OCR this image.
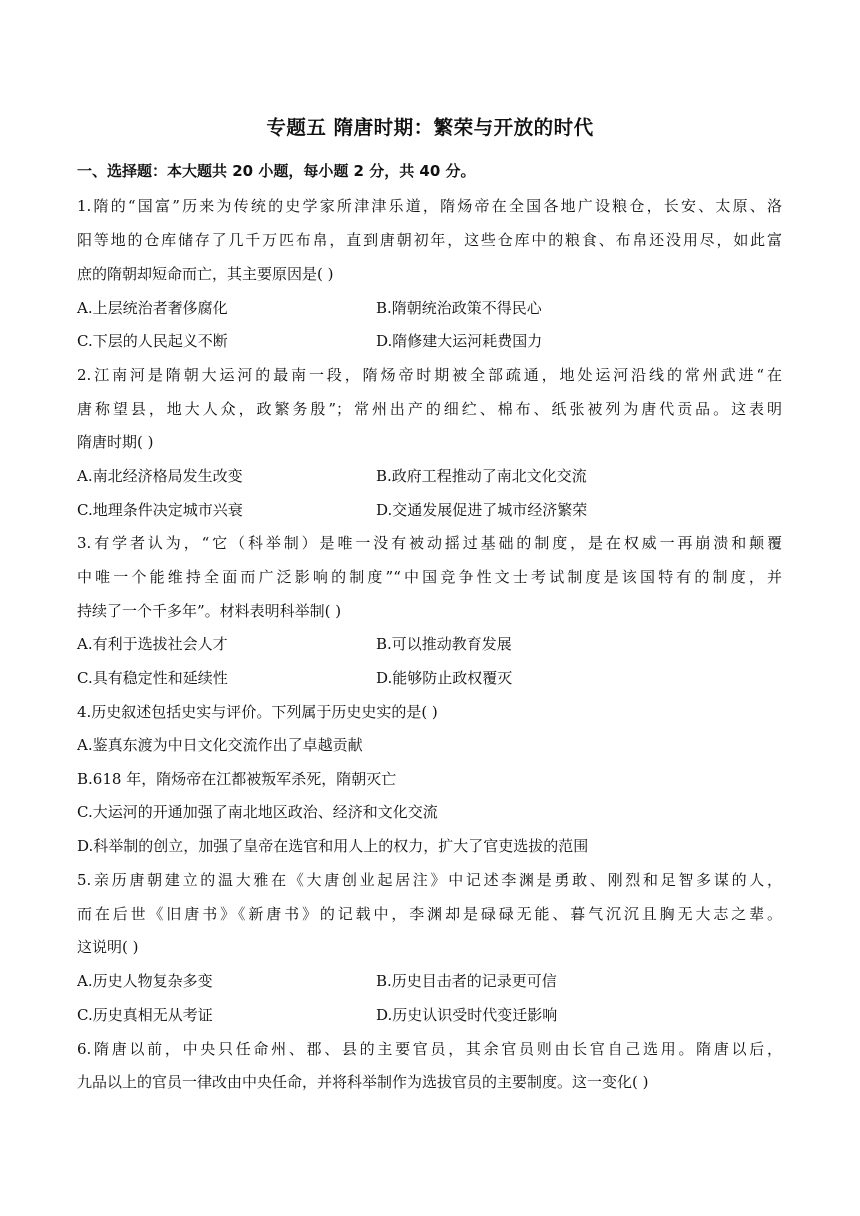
专题五 隋唐时期：繁荣与开放的时代
一、选择题：本大题共 20 小题，每小题 2 分，共 40 分。
1.隋的“国富”历来为传统的史学家所津津乐道，隋炀帝在全国各地广设粮仓，长安、太原、洛
阳等地的仓库储存了几千万匹布帛，直到唐朝初年，这些仓库中的粮食、布帛还没用尽，如此富
庶的隋朝却短命而亡，其主要原因是( )
A.上层统治者奢侈腐化	B.隋朝统治政策不得民心
C.下层的人民起义不断	D.隋修建大运河耗费国力
2.江南河是隋朝大运河的最南一段，隋炀帝时期被全部疏通，地处运河沿线的常州武进“在
唐称望县，地大人众，政繁务殷”；常州出产的细纻、棉布、纸张被列为唐代贡品。这表明
隋唐时期( )
A.南北经济格局发生改变	B.政府工程推动了南北文化交流
C.地理条件决定城市兴衰	D.交通发展促进了城市经济繁荣
3.有学者认为，“它（科举制）是唯一没有被动摇过基础的制度，是在权威一再崩溃和颠覆
中唯一个能维持全面而广泛影响的制度”“中国竞争性文士考试制度是该国特有的制度，并
持续了一个千多年”。材料表明科举制( )
A.有利于选拔社会人才	B.可以推动教育发展
C.具有稳定性和延续性	D.能够防止政权覆灭
4.历史叙述包括史实与评价。下列属于历史史实的是( )
A.鉴真东渡为中日文化交流作出了卓越贡献
B.618 年，隋炀帝在江都被叛军杀死，隋朝灭亡
C.大运河的开通加强了南北地区政治、经济和文化交流
D.科举制的创立，加强了皇帝在选官和用人上的权力，扩大了官吏选拔的范围
5.亲历唐朝建立的温大雅在《大唐创业起居注》中记述李渊是勇敢、刚烈和足智多谋的人，
而在后世《旧唐书》《新唐书》的记载中，李渊却是碌碌无能、暮气沉沉且胸无大志之辈。
这说明( )
A.历史人物复杂多变	B.历史目击者的记录更可信
C.历史真相无从考证	D.历史认识受时代变迁影响
6.隋唐以前，中央只任命州、郡、县的主要官员，其余官员则由长官自己选用。隋唐以后，
九品以上的官员一律改由中央任命，并将科举制作为选拔官员的主要制度。这一变化( )
